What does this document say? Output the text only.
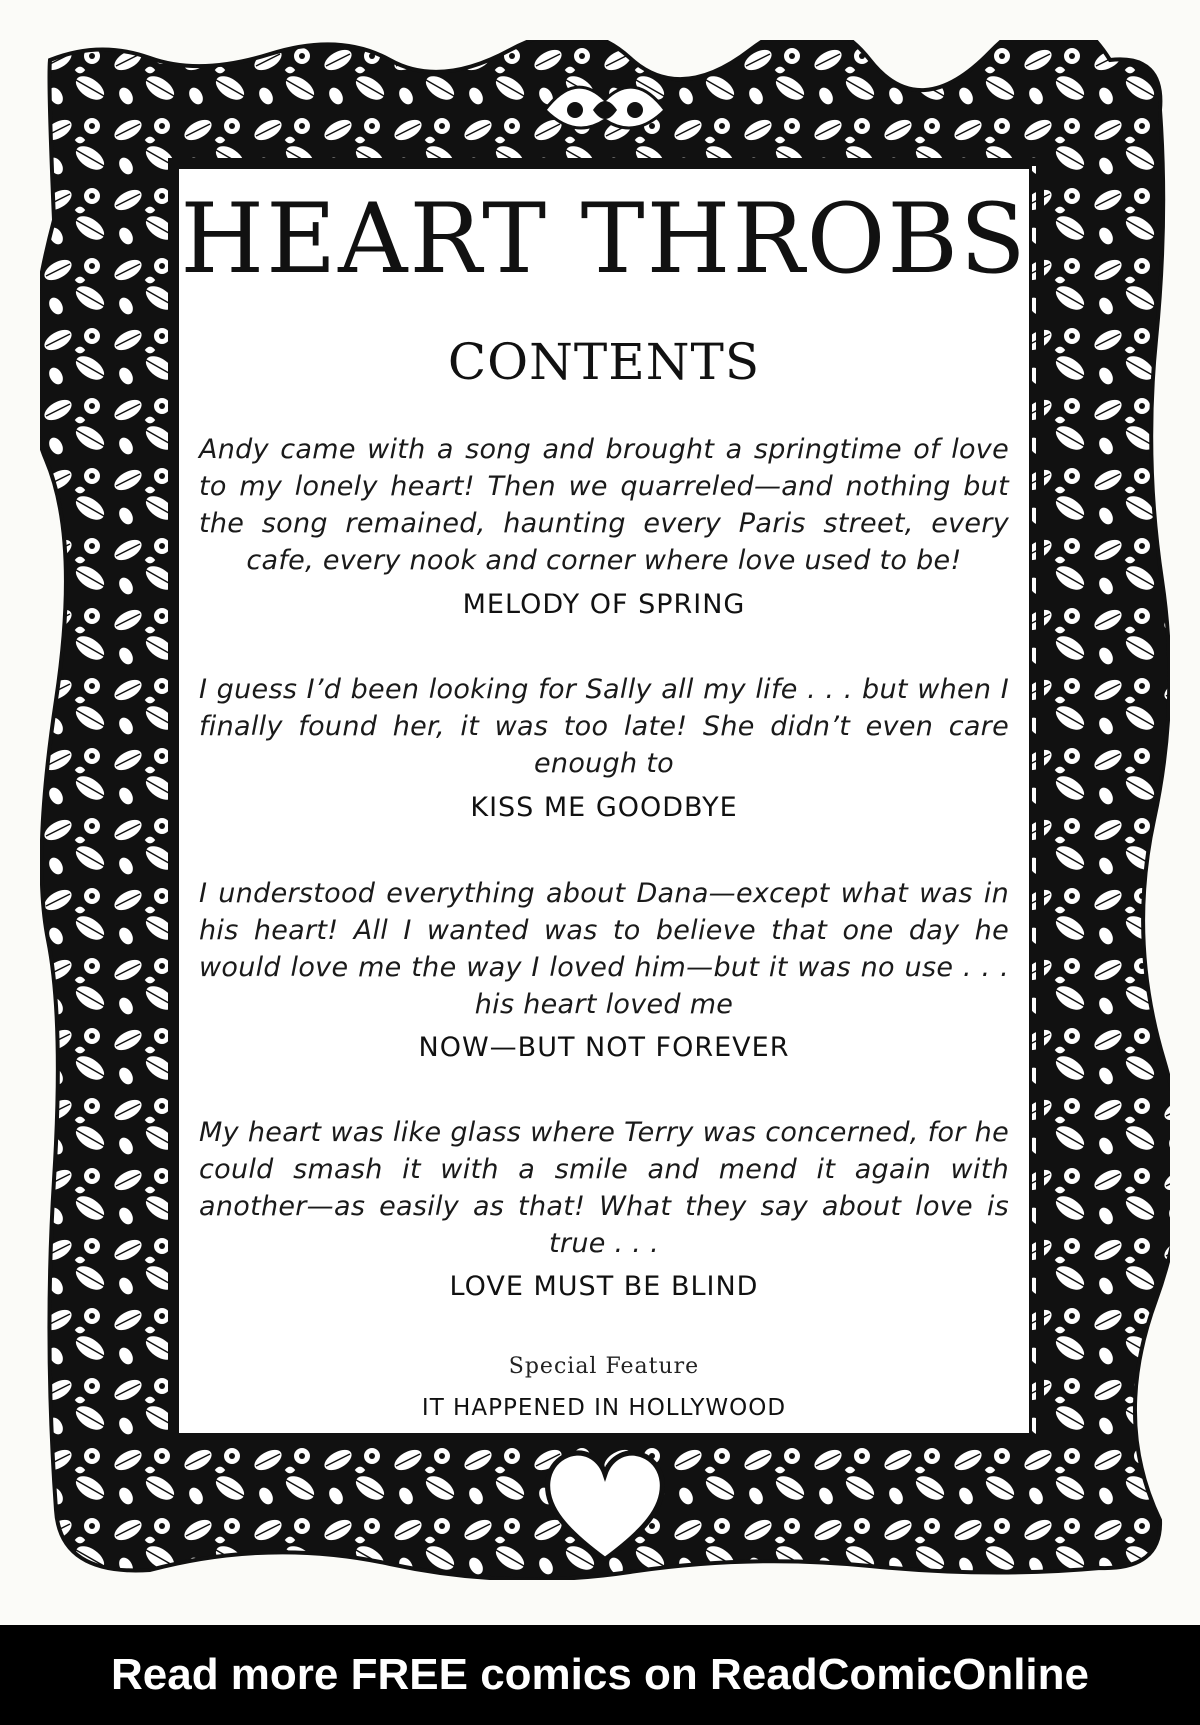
HEART THROBS
CONTENTS
Andy came with a song and brought a springtime of love to my lonely heart! Then we quarreled—and nothing but the song remained, haunting every Paris street, every cafe, every nook and corner where love used to be!
MELODY OF SPRING
I guess I’d been looking for Sally all my life . . . but when I finally found her, it was too late! She didn’t even care enough to
KISS ME GOODBYE
I understood everything about Dana—except what was in his heart! All I wanted was to believe that one day he would love me the way I loved him—but it was no use . . . his heart loved me
NOW—BUT NOT FOREVER
My heart was like glass where Terry was concerned, for he could smash it with a smile and mend it again with another—as easily as that! What they say about love is true . . .
LOVE MUST BE BLIND
Special Feature
IT HAPPENED IN HOLLYWOOD
Read more FREE comics on ReadComicOnline
